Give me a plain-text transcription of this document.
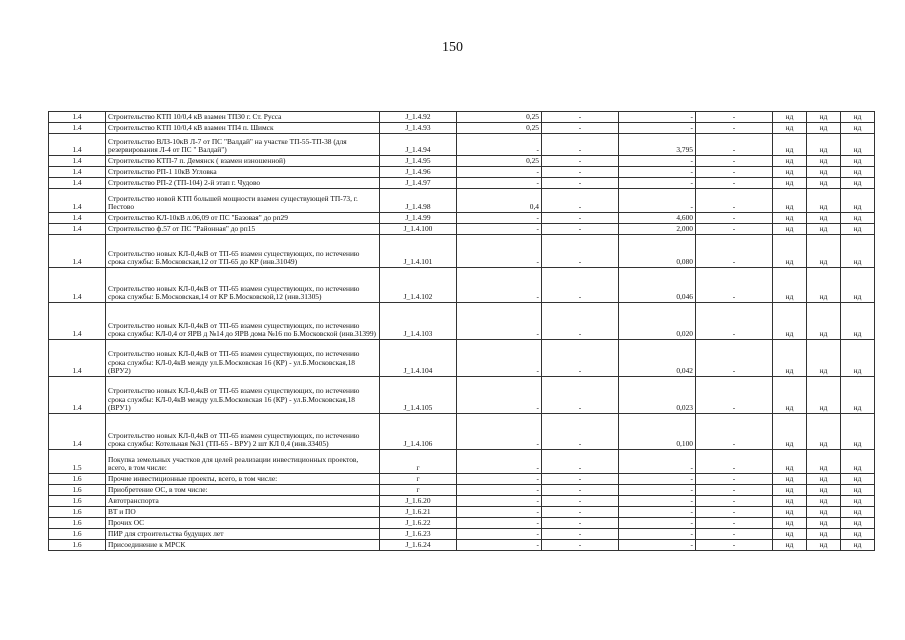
150
1.4	Строительство КТП 10/0,4 кВ взамен ТП30 г. Ст. Русса	J_1.4.92	0,25	-	-	-	нд	нд	нд
1.4	Строительство КТП 10/0,4 кВ взамен ТП4 п. Шимск	J_1.4.93	0,25	-	-	-	нд	нд	нд
1.4	Строительство ВЛЗ-10кВ Л-7 от ПС "Валдай" на участке ТП-55-ТП-38 (для резервирования Л-4 от ПС " Валдай")	J_1.4.94	-	-	3,795	-	нд	нд	нд
1.4	Строительство КТП-7 п. Демянск ( взамен изношенной)	J_1.4.95	0,25	-	-	-	нд	нд	нд
1.4	Строительство РП-1 10кВ Угловка	J_1.4.96	-	-	-	-	нд	нд	нд
1.4	Строительство РП-2 (ТП-104) 2-й этап г. Чудово	J_1.4.97	-	-	-	-	нд	нд	нд
1.4	Строительство новой КТП большей мощности взамен существующей ТП-73, г. Пестово	J_1.4.98	0,4	-	-	-	нд	нд	нд
1.4	Строительство КЛ-10кВ л.06,09 от ПС "Базовая" до рп29	J_1.4.99	-	-	4,600	-	нд	нд	нд
1.4	Строительство ф.57 от ПС "Районная" до рп15	J_1.4.100	-	-	2,000	-	нд	нд	нд
1.4	Строительство новых КЛ-0,4кВ от ТП-65 взамен существующих, по истечению срока службы: Б.Московская,12 от ТП-65 до КР (инв.31049)	J_1.4.101	-	-	0,080	-	нд	нд	нд
1.4	Строительство новых КЛ-0,4кВ от ТП-65 взамен существующих, по истечению срока службы: Б.Московская,14 от КР Б.Московской,12 (инв.31305)	J_1.4.102	-	-	0,046	-	нд	нд	нд
1.4	Строительство новых КЛ-0,4кВ от ТП-65 взамен существующих, по истечению срока службы: КЛ-0,4 от ЯРВ д №14 до ЯРВ дома №16 по Б.Московской (инв.31399)	J_1.4.103	-	-	0,020	-	нд	нд	нд
1.4	Строительство новых КЛ-0,4кВ от ТП-65 взамен существующих, по истечению срока службы: КЛ-0,4кВ между ул.Б.Московская 16 (КР) - ул.Б.Московская,18 (ВРУ2)	J_1.4.104	-	-	0,042	-	нд	нд	нд
1.4	Строительство новых КЛ-0,4кВ от ТП-65 взамен существующих, по истечению срока службы: КЛ-0,4кВ между ул.Б.Московская 16 (КР) - ул.Б.Московская,18 (ВРУ1)	J_1.4.105	-	-	0,023	-	нд	нд	нд
1.4	Строительство новых КЛ-0,4кВ от ТП-65 взамен существующих, по истечению срока службы: Котельная №31 (ТП-65 - ВРУ) 2 шт КЛ 0,4 (инв.33405)	J_1.4.106	-	-	0,100	-	нд	нд	нд
1.5	Покупка земельных участков для целей реализации инвестиционных проектов, всего, в том числе:	г	-	-	-	-	нд	нд	нд
1.6	Прочие инвестиционные проекты, всего, в том числе:	г	-	-	-	-	нд	нд	нд
1.6	Приобретение ОС, в том числе:	г	-	-	-	-	нд	нд	нд
1.6	Автотранспорта	J_1.6.20	-	-	-	-	нд	нд	нд
1.6	ВТ и ПО	J_1.6.21	-	-	-	-	нд	нд	нд
1.6	Прочих ОС	J_1.6.22	-	-	-	-	нд	нд	нд
1.6	ПИР для строительства будущих лет	J_1.6.23	-	-	-	-	нд	нд	нд
1.6	Присоединение к МРСК	J_1.6.24	-	-	-	-	нд	нд	нд
